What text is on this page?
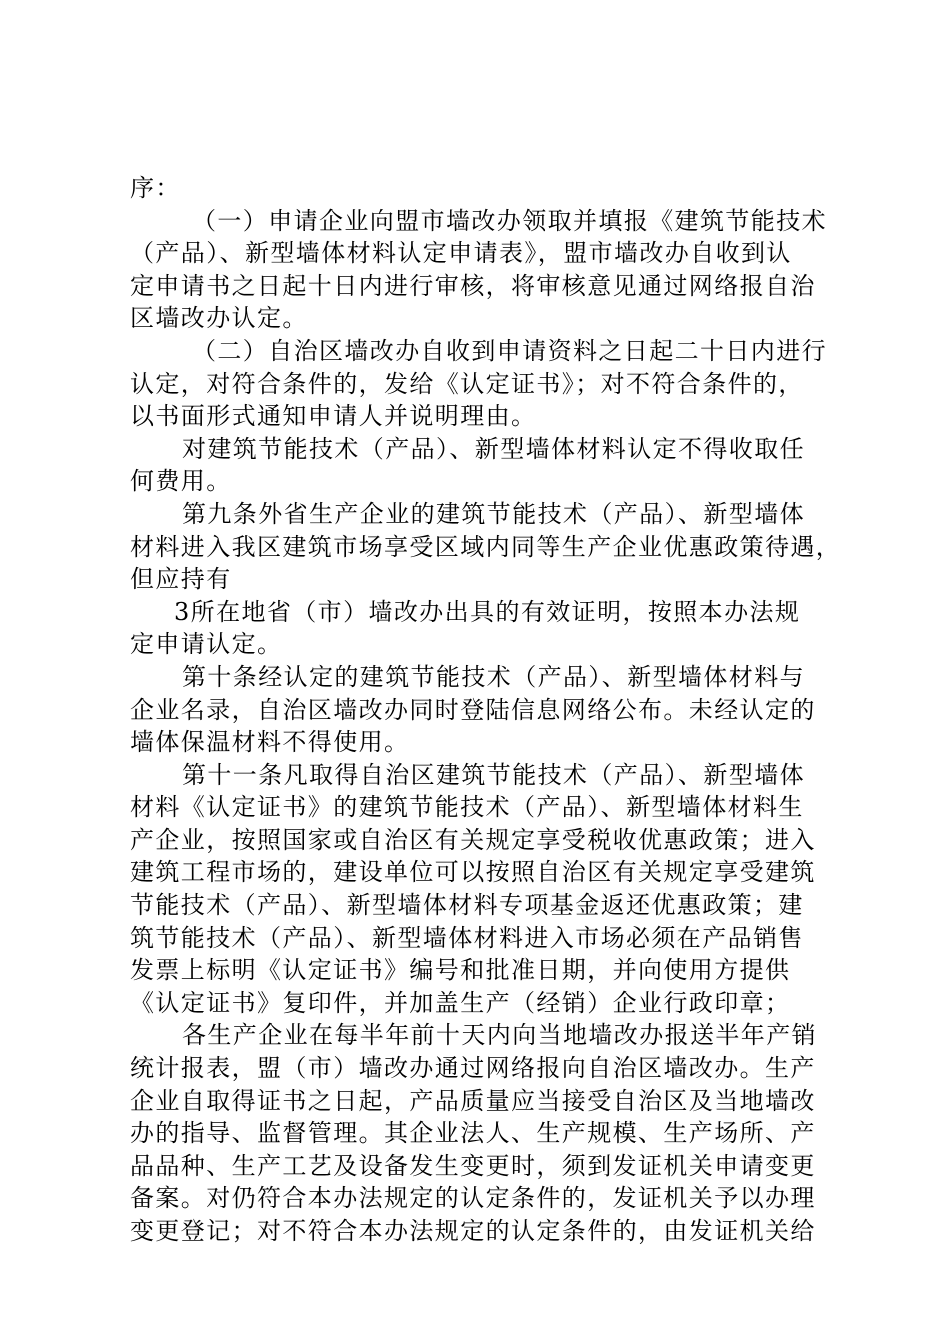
序：
（一）申请企业向盟市墙改办领取并填报《建筑节能技术
（产品）、新型墙体材料认定申请表》，盟市墙改办自收到认
定申请书之日起十日内进行审核，将审核意见通过网络报自治
区墙改办认定。
（二）自治区墙改办自收到申请资料之日起二十日内进行
认定，对符合条件的，发给《认定证书》；对不符合条件的，
以书面形式通知申请人并说明理由。
对建筑节能技术（产品）、新型墙体材料认定不得收取任
何费用。
第九条外省生产企业的建筑节能技术（产品）、新型墙体
材料进入我区建筑市场享受区域内同等生产企业优惠政策待遇，
但应持有
3所在地省（市）墙改办出具的有效证明，按照本办法规
定申请认定。
第十条经认定的建筑节能技术（产品）、新型墙体材料与
企业名录，自治区墙改办同时登陆信息网络公布。未经认定的
墙体保温材料不得使用。
第十一条凡取得自治区建筑节能技术（产品）、新型墙体
材料《认定证书》的建筑节能技术（产品）、新型墙体材料生
产企业，按照国家或自治区有关规定享受税收优惠政策；进入
建筑工程市场的，建设单位可以按照自治区有关规定享受建筑
节能技术（产品）、新型墙体材料专项基金返还优惠政策；建
筑节能技术（产品）、新型墙体材料进入市场必须在产品销售
发票上标明《认定证书》编号和批准日期，并向使用方提供
《认定证书》复印件，并加盖生产（经销）企业行政印章；
各生产企业在每半年前十天内向当地墙改办报送半年产销
统计报表，盟（市）墙改办通过网络报向自治区墙改办。生产
企业自取得证书之日起，产品质量应当接受自治区及当地墙改
办的指导、监督管理。其企业法人、生产规模、生产场所、产
品品种、生产工艺及设备发生变更时，须到发证机关申请变更
备案。对仍符合本办法规定的认定条件的，发证机关予以办理
变更登记；对不符合本办法规定的认定条件的，由发证机关给
